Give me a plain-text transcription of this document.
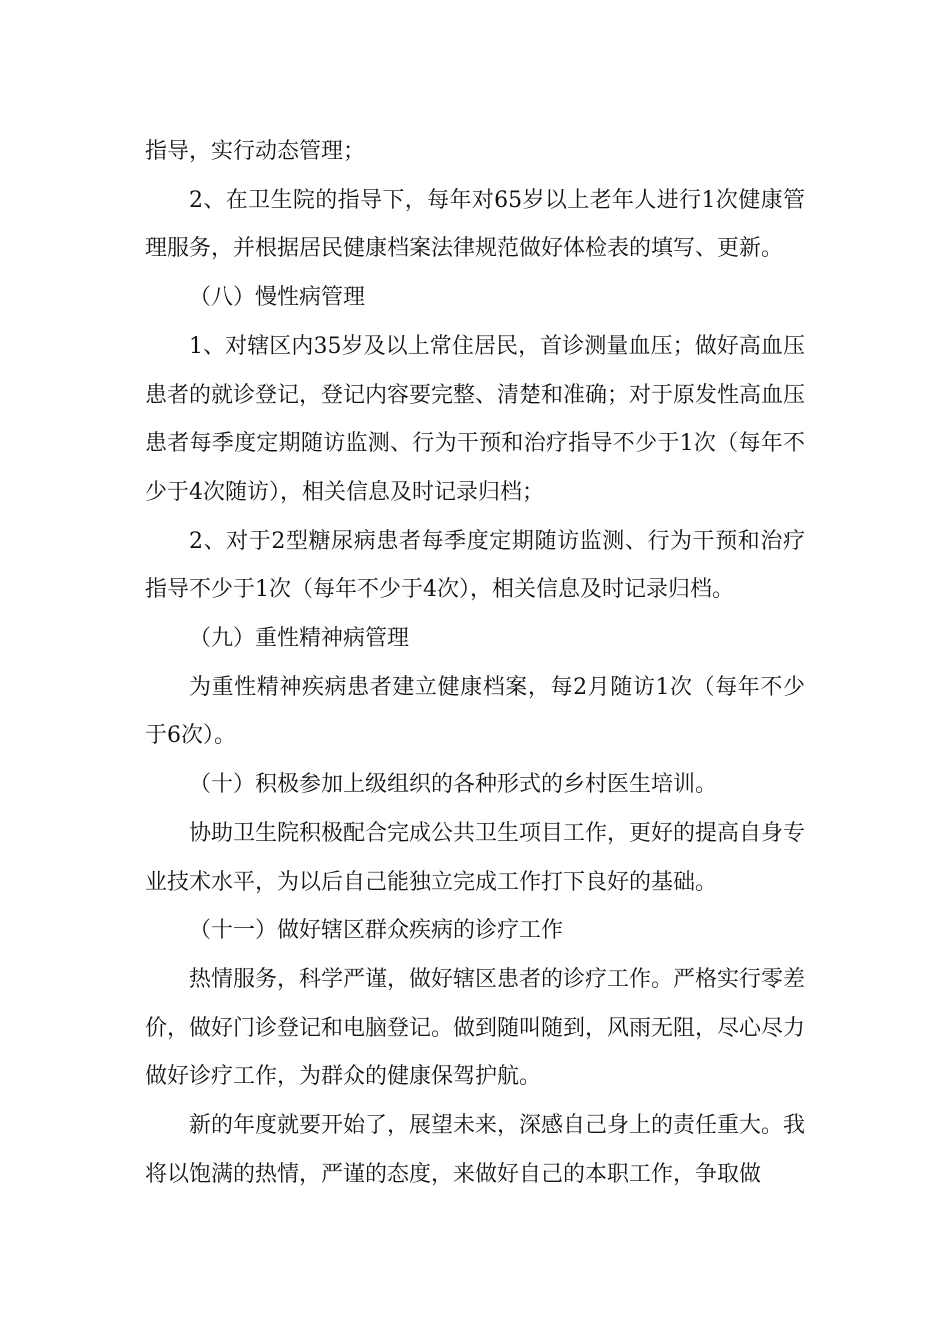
指导，实行动态管理；

2、在卫生院的指导下，每年对65岁以上老年人进行1次健康管理服务，并根据居民健康档案法律规范做好体检表的填写、更新。

（八）慢性病管理

1、对辖区内35岁及以上常住居民，首诊测量血压；做好高血压患者的就诊登记，登记内容要完整、清楚和准确；对于原发性高血压患者每季度定期随访监测、行为干预和治疗指导不少于1次（每年不少于4次随访），相关信息及时记录归档；

2、对于2型糖尿病患者每季度定期随访监测、行为干预和治疗指导不少于1次（每年不少于4次），相关信息及时记录归档。

（九）重性精神病管理

为重性精神疾病患者建立健康档案，每2月随访1次（每年不少于6次）。

（十）积极参加上级组织的各种形式的乡村医生培训。

协助卫生院积极配合完成公共卫生项目工作，更好的提高自身专业技术水平，为以后自己能独立完成工作打下良好的基础。

（十一）做好辖区群众疾病的诊疗工作

热情服务，科学严谨，做好辖区患者的诊疗工作。严格实行零差价，做好门诊登记和电脑登记。做到随叫随到，风雨无阻，尽心尽力做好诊疗工作，为群众的健康保驾护航。

新的年度就要开始了，展望未来，深感自己身上的责任重大。我将以饱满的热情，严谨的态度，来做好自己的本职工作，争取做
